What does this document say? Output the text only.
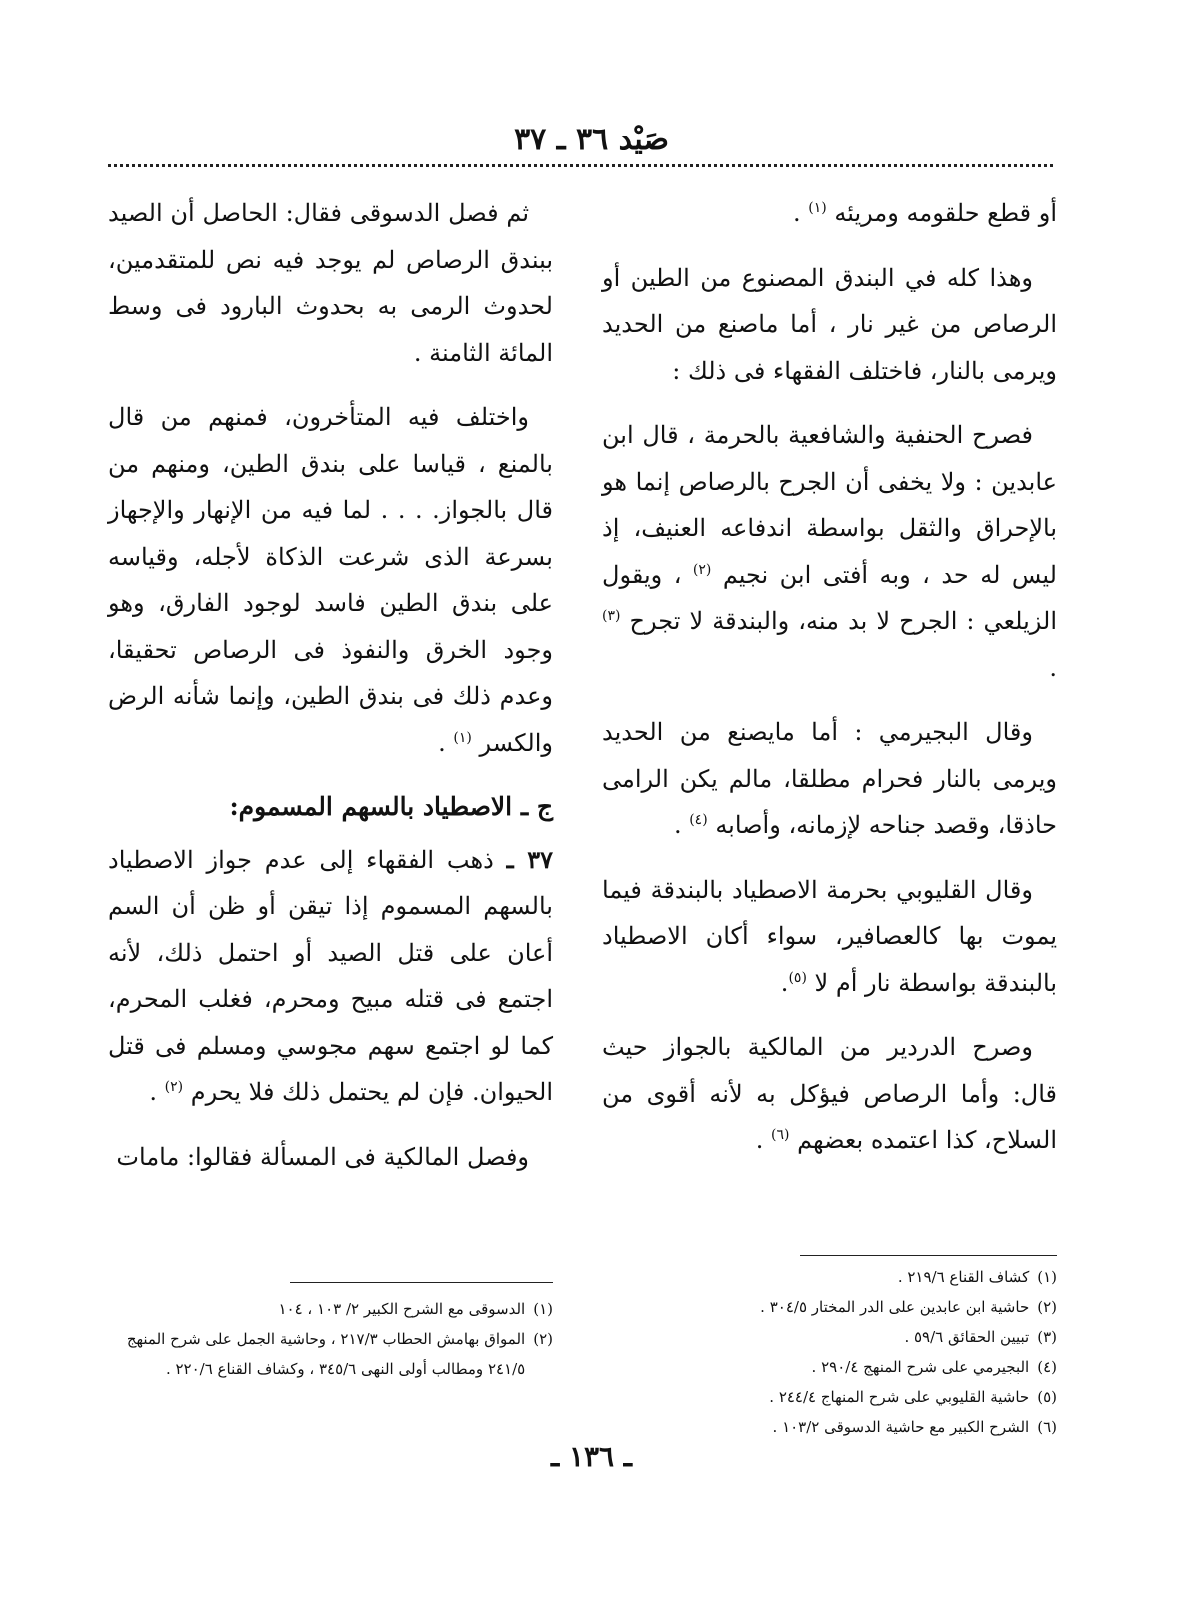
صَيْد ٣٦ ـ ٣٧

أو قطع حلقومه ومريئه $^{(١)}$ .

وهذا كله في البندق المصنوع من الطين أو الرصاص من غير نار ، أما ماصنع من الحديد ويرمى بالنار، فاختلف الفقهاء فى ذلك :

فصرح الحنفية والشافعية بالحرمة ، قال ابن عابدين : ولا يخفى أن الجرح بالرصاص إنما هو بالإحراق والثقل بواسطة اندفاعه العنيف، إذ ليس له حد ، وبه أفتى ابن نجيم $^{(٢)}$ ، ويقول الزيلعي : الجرح لا بد منه، والبندقة لا تجرح $^{(٣)}$ .

وقال البجيرمي : أما مايصنع من الحديد ويرمى بالنار فحرام مطلقا، مالم يكن الرامى حاذقا، وقصد جناحه لإزمانه، وأصابه $^{(٤)}$ .

وقال القليوبي بحرمة الاصطياد بالبندقة فيما يموت بها كالعصافير، سواء أكان الاصطياد بالبندقة بواسطة نار أم لا $^{(٥)}$.

وصرح الدردير من المالكية بالجواز حيث قال: وأما الرصاص فيؤكل به لأنه أقوى من السلاح، كذا اعتمده بعضهم $^{(٦)}$ .

ثم فصل الدسوقى فقال: الحاصل أن الصيد ببندق الرصاص لم يوجد فيه نص للمتقدمين، لحدوث الرمى به بحدوث البارود فى وسط المائة الثامنة .

واختلف فيه المتأخرون، فمنهم من قال بالمنع ، قياسا على بندق الطين، ومنهم من قال بالجواز. . . . لما فيه من الإنهار والإجهاز بسرعة الذى شرعت الذكاة لأجله، وقياسه على بندق الطين فاسد لوجود الفارق، وهو وجود الخرق والنفوذ فى الرصاص تحقيقا، وعدم ذلك فى بندق الطين، وإنما شأنه الرض والكسر $^{(١)}$ .

ج ـ الاصطياد بالسهم المسموم:

٣٧ ـ ذهب الفقهاء إلى عدم جواز الاصطياد بالسهم المسموم إذا تيقن أو ظن أن السم أعان على قتل الصيد أو احتمل ذلك، لأنه اجتمع فى قتله مبيح ومحرم، فغلب المحرم، كما لو اجتمع سهم مجوسي ومسلم فى قتل الحيوان. فإن لم يحتمل ذلك فلا يحرم $^{(٢)}$ .

وفصل المالكية فى المسألة فقالوا: مامات

(١)
كشاف القناع ٢١٩/٦ .
(٢)
حاشية ابن عابدين على الدر المختار ٣٠٤/٥ .
(٣)
تبيين الحقائق ٥٩/٦ .
(٤)
البجيرمي على شرح المنهج ٢٩٠/٤ .
(٥)
حاشية القليوبي على شرح المنهاج ٢٤٤/٤ .
(٦)
الشرح الكبير مع حاشية الدسوقى ١٠٣/٢ .
(١)
الدسوقى مع الشرح الكبير ٢/ ١٠٣ ، ١٠٤
(٢)
المواق بهامش الحطاب ٢١٧/٣ ، وحاشية الجمل على شرح المنهج ٢٤١/٥ ومطالب أولى النهى ٣٤٥/٦ ، وكشاف القناع ٢٢٠/٦ .
ـ ١٣٦ ـ
